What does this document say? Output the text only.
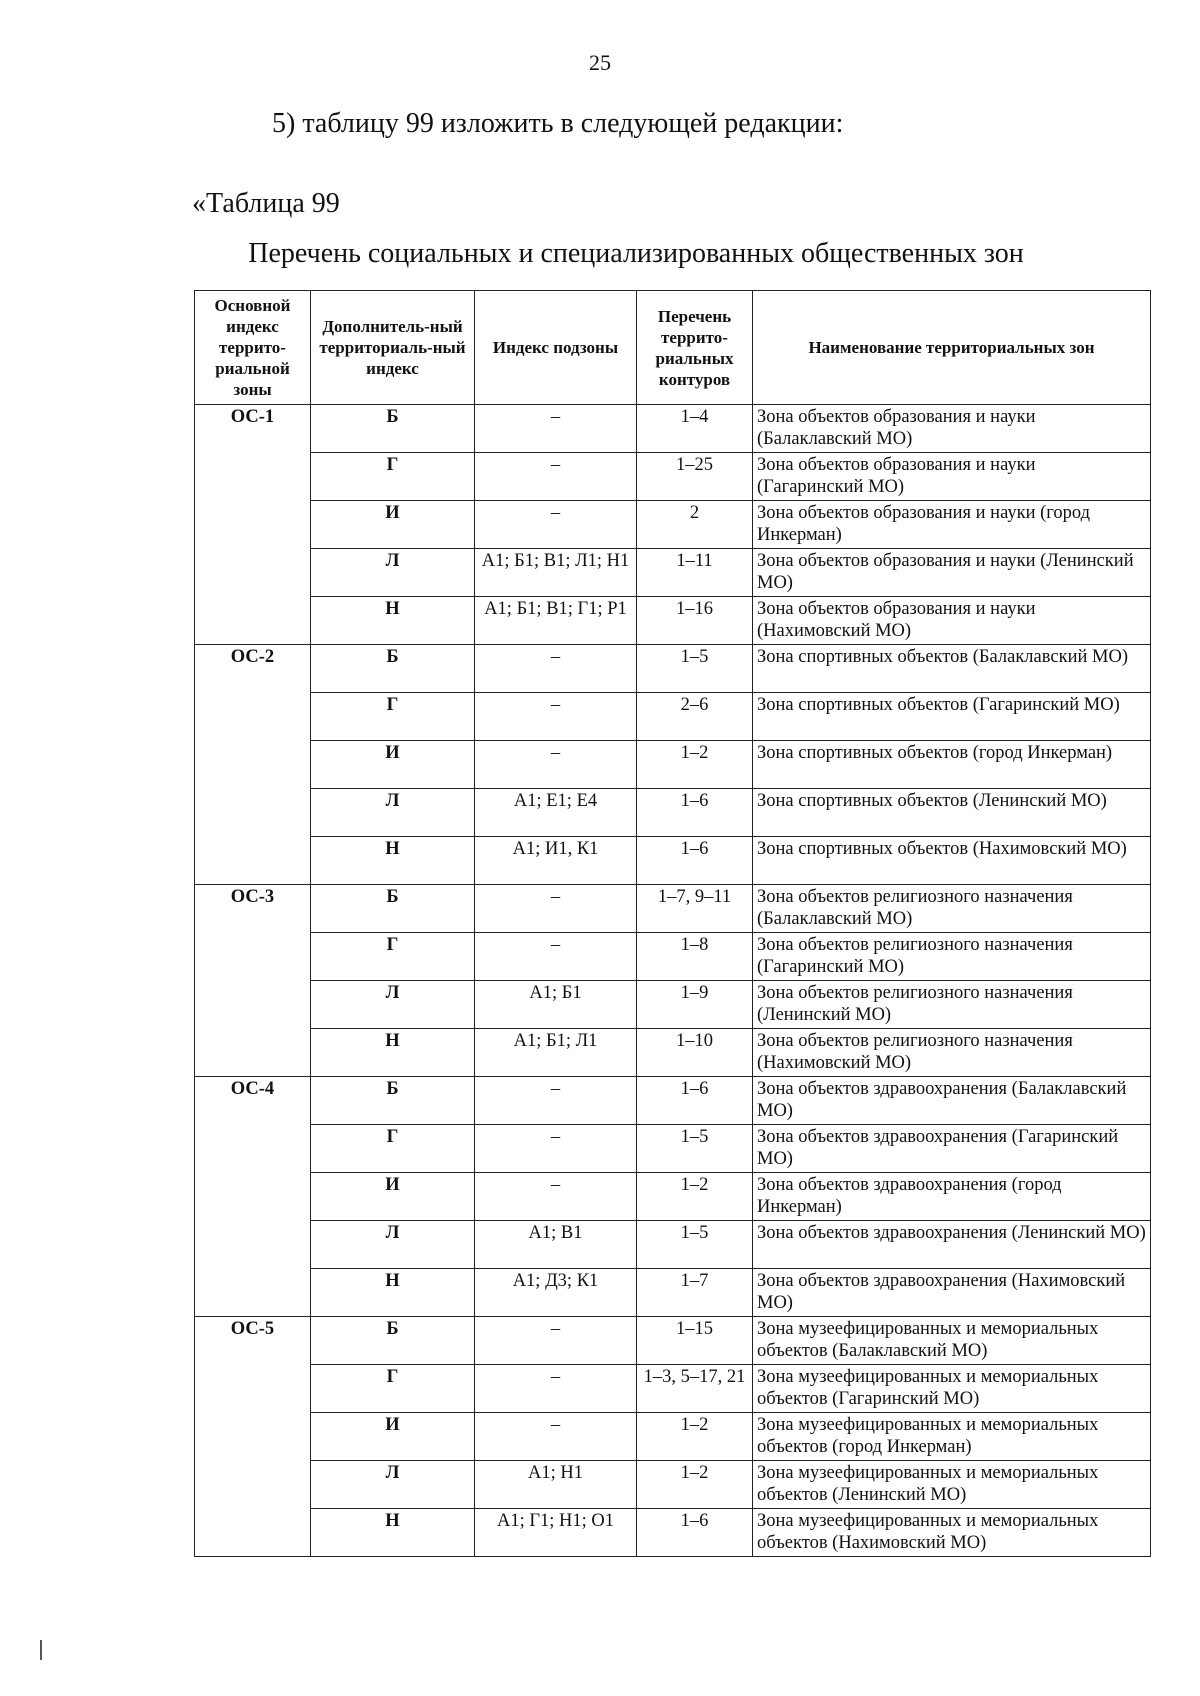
25
5) таблицу 99 изложить в следующей редакции:
«Таблица 99
Перечень социальных и специализированных общественных зон
Основной индекс террито-риальной зоны	Дополнитель-ный территориаль-ный индекс	Индекс подзоны	Перечень террито-риальных контуров	Наименование территориальных зон
ОС-1	Б	–	1–4	Зона объектов образования и науки (Балаклавский МО)
	Г	–	1–25	Зона объектов образования и науки (Гагаринский МО)
	И	–	2	Зона объектов образования и науки (город Инкерман)
	Л	А1; Б1; В1; Л1; Н1	1–11	Зона объектов образования и науки (Ленинский МО)
	Н	А1; Б1; В1; Г1; Р1	1–16	Зона объектов образования и науки (Нахимовский МО)
ОС-2	Б	–	1–5	Зона спортивных объектов (Балаклавский МО)
	Г	–	2–6	Зона спортивных объектов (Гагаринский МО)
	И	–	1–2	Зона спортивных объектов (город Инкерман)
	Л	А1; Е1; Е4	1–6	Зона спортивных объектов (Ленинский МО)
	Н	А1; И1, К1	1–6	Зона спортивных объектов (Нахимовский МО)
ОС-3	Б	–	1–7, 9–11	Зона объектов религиозного назначения (Балаклавский МО)
	Г	–	1–8	Зона объектов религиозного назначения (Гагаринский МО)
	Л	А1; Б1	1–9	Зона объектов религиозного назначения (Ленинский МО)
	Н	А1; Б1; Л1	1–10	Зона объектов религиозного назначения (Нахимовский МО)
ОС-4	Б	–	1–6	Зона объектов здравоохранения (Балаклавский МО)
	Г	–	1–5	Зона объектов здравоохранения (Гагаринский МО)
	И	–	1–2	Зона объектов здравоохранения (город Инкерман)
	Л	А1; В1	1–5	Зона объектов здравоохранения (Ленинский МО)
	Н	А1; Д3; К1	1–7	Зона объектов здравоохранения (Нахимовский МО)
ОС-5	Б	–	1–15	Зона музеефицированных и мемориальных объектов (Балаклавский МО)
	Г	–	1–3, 5–17, 21	Зона музеефицированных и мемориальных объектов (Гагаринский МО)
	И	–	1–2	Зона музеефицированных и мемориальных объектов (город Инкерман)
	Л	А1; Н1	1–2	Зона музеефицированных и мемориальных объектов (Ленинский МО)
	Н	А1; Г1; Н1; О1	1–6	Зона музеефицированных и мемориальных объектов (Нахимовский МО)
